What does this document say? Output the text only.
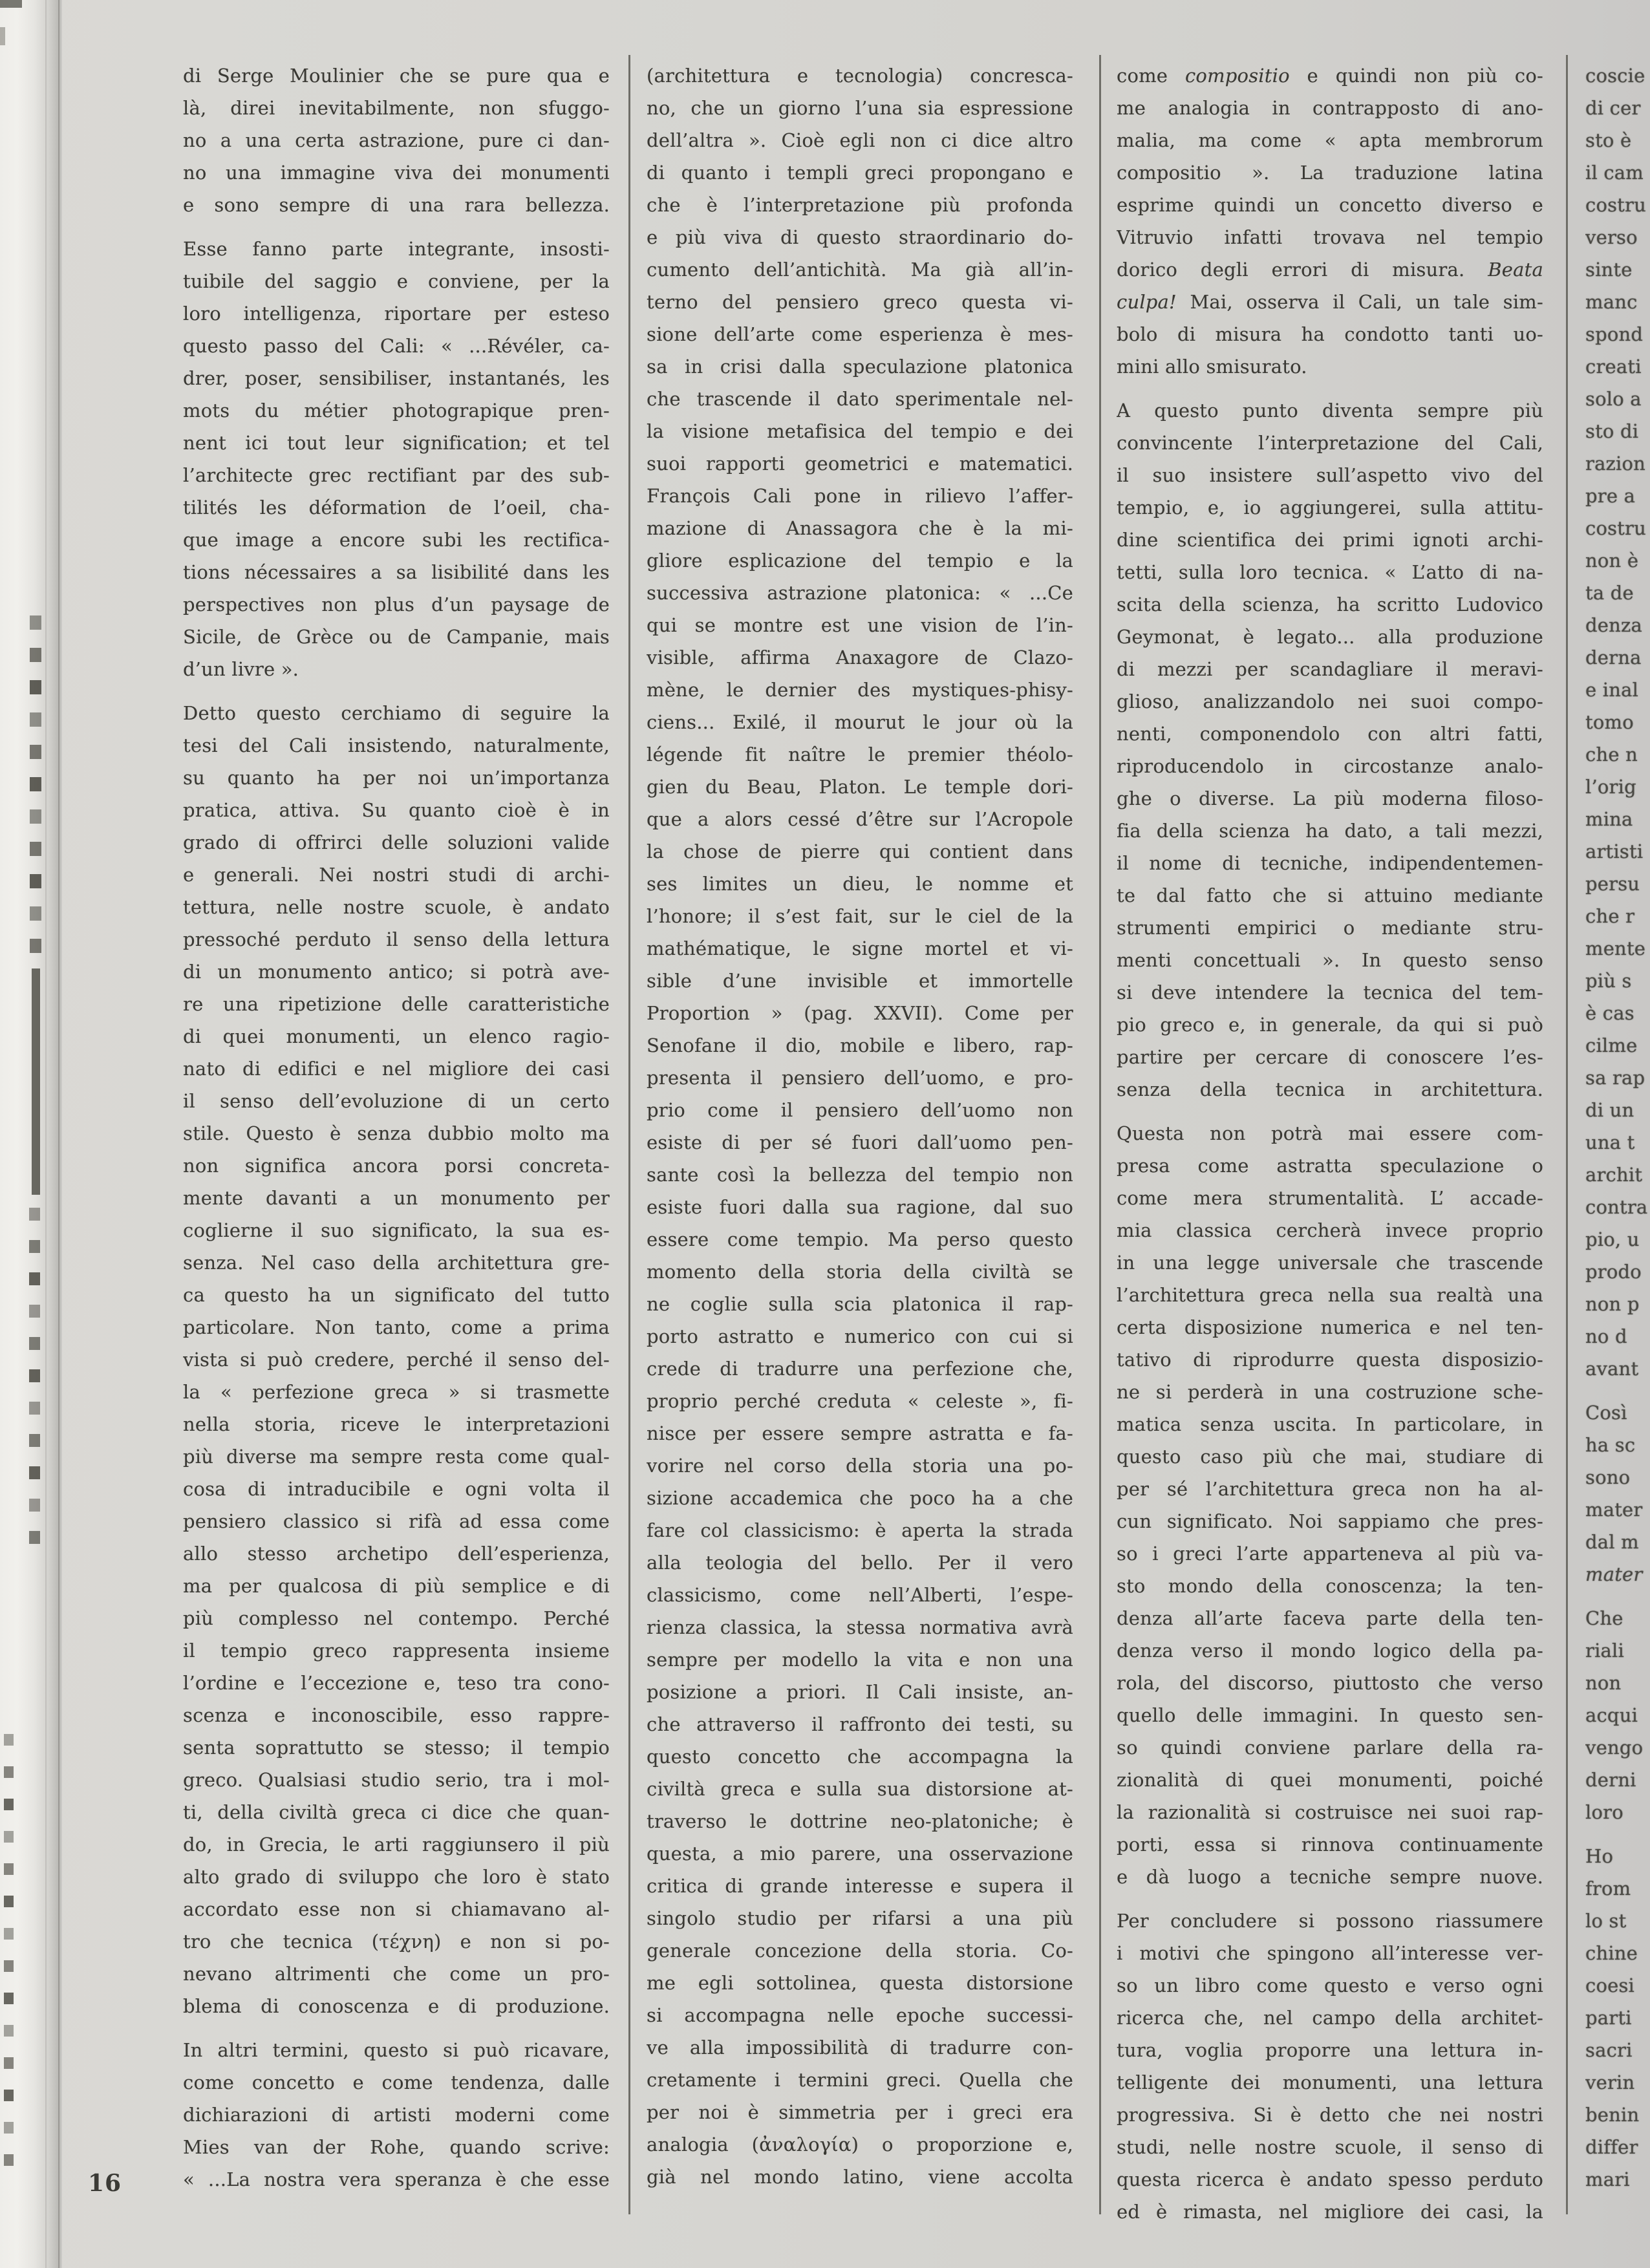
di Serge Moulinier che se pure qua e
là, direi inevitabilmente, non sfuggo-
no a una certa astrazione, pure ci dan-
no una immagine viva dei monumenti
e sono sempre di una rara bellezza.
Esse fanno parte integrante, insosti-
tuibile del saggio e conviene, per la
loro intelligenza, riportare per esteso
questo passo del Cali: « ...Révéler, ca-
drer, poser, sensibiliser, instantanés, les
mots du métier photograpique pren-
nent ici tout leur signification; et tel
l’architecte grec rectifiant par des sub-
tilités les déformation de l’oeil, cha-
que image a encore subi les rectifica-
tions nécessaires a sa lisibilité dans les
perspectives non plus d’un paysage de
Sicile, de Grèce ou de Campanie, mais
d’un livre ».
Detto questo cerchiamo di seguire la
tesi del Cali insistendo, naturalmente,
su quanto ha per noi un’importanza
pratica, attiva. Su quanto cioè è in
grado di offrirci delle soluzioni valide
e generali. Nei nostri studi di archi-
tettura, nelle nostre scuole, è andato
pressoché perduto il senso della lettura
di un monumento antico; si potrà ave-
re una ripetizione delle caratteristiche
di quei monumenti, un elenco ragio-
nato di edifici e nel migliore dei casi
il senso dell’evoluzione di un certo
stile. Questo è senza dubbio molto ma
non significa ancora porsi concreta-
mente davanti a un monumento per
coglierne il suo significato, la sua es-
senza. Nel caso della architettura gre-
ca questo ha un significato del tutto
particolare. Non tanto, come a prima
vista si può credere, perché il senso del-
la « perfezione greca » si trasmette
nella storia, riceve le interpretazioni
più diverse ma sempre resta come qual-
cosa di intraducibile e ogni volta il
pensiero classico si rifà ad essa come
allo stesso archetipo dell’esperienza,
ma per qualcosa di più semplice e di
più complesso nel contempo. Perché
il tempio greco rappresenta insieme
l’ordine e l’eccezione e, teso tra cono-
scenza e inconoscibile, esso rappre-
senta soprattutto se stesso; il tempio
greco. Qualsiasi studio serio, tra i mol-
ti, della civiltà greca ci dice che quan-
do, in Grecia, le arti raggiunsero il più
alto grado di sviluppo che loro è stato
accordato esse non si chiamavano al-
tro che tecnica (τέχνη) e non si po-
nevano altrimenti che come un pro-
blema di conoscenza e di produzione.
In altri termini, questo si può ricavare,
come concetto e come tendenza, dalle
dichiarazioni di artisti moderni come
Mies van der Rohe, quando scrive:
« ...La nostra vera speranza è che esse
(architettura e tecnologia) concresca-
no, che un giorno l’una sia espressione
dell’altra ». Cioè egli non ci dice altro
di quanto i templi greci propongano e
che è l’interpretazione più profonda
e più viva di questo straordinario do-
cumento dell’antichità. Ma già all’in-
terno del pensiero greco questa vi-
sione dell’arte come esperienza è mes-
sa in crisi dalla speculazione platonica
che trascende il dato sperimentale nel-
la visione metafisica del tempio e dei
suoi rapporti geometrici e matematici.
François Cali pone in rilievo l’affer-
mazione di Anassagora che è la mi-
gliore esplicazione del tempio e la
successiva astrazione platonica: « ...Ce
qui se montre est une vision de l’in-
visible, affirma Anaxagore de Clazo-
mène, le dernier des mystiques-phisy-
ciens... Exilé, il mourut le jour où la
légende fit naître le premier théolo-
gien du Beau, Platon. Le temple dori-
que a alors cessé d’être sur l’Acropole
la chose de pierre qui contient dans
ses limites un dieu, le nomme et
l’honore; il s’est fait, sur le ciel de la
mathématique, le signe mortel et vi-
sible d’une invisible et immortelle
Proportion » (pag. XXVII). Come per
Senofane il dio, mobile e libero, rap-
presenta il pensiero dell’uomo, e pro-
prio come il pensiero dell’uomo non
esiste di per sé fuori dall’uomo pen-
sante così la bellezza del tempio non
esiste fuori dalla sua ragione, dal suo
essere come tempio. Ma perso questo
momento della storia della civiltà se
ne coglie sulla scia platonica il rap-
porto astratto e numerico con cui si
crede di tradurre una perfezione che,
proprio perché creduta « celeste », fi-
nisce per essere sempre astratta e fa-
vorire nel corso della storia una po-
sizione accademica che poco ha a che
fare col classicismo: è aperta la strada
alla teologia del bello. Per il vero
classicismo, come nell’Alberti, l’espe-
rienza classica, la stessa normativa avrà
sempre per modello la vita e non una
posizione a priori. Il Cali insiste, an-
che attraverso il raffronto dei testi, su
questo concetto che accompagna la
civiltà greca e sulla sua distorsione at-
traverso le dottrine neo-platoniche; è
questa, a mio parere, una osservazione
critica di grande interesse e supera il
singolo studio per rifarsi a una più
generale concezione della storia. Co-
me egli sottolinea, questa distorsione
si accompagna nelle epoche successi-
ve alla impossibilità di tradurre con-
cretamente i termini greci. Quella che
per noi è simmetria per i greci era
analogia (ἀναλογία) o proporzione e,
già nel mondo latino, viene accolta
come compositio e quindi non più co-
me analogia in contrapposto di ano-
malia, ma come « apta membrorum
compositio ». La traduzione latina
esprime quindi un concetto diverso e
Vitruvio infatti trovava nel tempio
dorico degli errori di misura. Beata
culpa! Mai, osserva il Cali, un tale sim-
bolo di misura ha condotto tanti uo-
mini allo smisurato.
A questo punto diventa sempre più
convincente l’interpretazione del Cali,
il suo insistere sull’aspetto vivo del
tempio, e, io aggiungerei, sulla attitu-
dine scientifica dei primi ignoti archi-
tetti, sulla loro tecnica. « L’atto di na-
scita della scienza, ha scritto Ludovico
Geymonat, è legato... alla produzione
di mezzi per scandagliare il meravi-
glioso, analizzandolo nei suoi compo-
nenti, componendolo con altri fatti,
riproducendolo in circostanze analo-
ghe o diverse. La più moderna filoso-
fia della scienza ha dato, a tali mezzi,
il nome di tecniche, indipendentemen-
te dal fatto che si attuino mediante
strumenti empirici o mediante stru-
menti concettuali ». In questo senso
si deve intendere la tecnica del tem-
pio greco e, in generale, da qui si può
partire per cercare di conoscere l’es-
senza della tecnica in architettura.
Questa non potrà mai essere com-
presa come astratta speculazione o
come mera strumentalità. L’ accade-
mia classica cercherà invece proprio
in una legge universale che trascende
l’architettura greca nella sua realtà una
certa disposizione numerica e nel ten-
tativo di riprodurre questa disposizio-
ne si perderà in una costruzione sche-
matica senza uscita. In particolare, in
questo caso più che mai, studiare di
per sé l’architettura greca non ha al-
cun significato. Noi sappiamo che pres-
so i greci l’arte apparteneva al più va-
sto mondo della conoscenza; la ten-
denza all’arte faceva parte della ten-
denza verso il mondo logico della pa-
rola, del discorso, piuttosto che verso
quello delle immagini. In questo sen-
so quindi conviene parlare della ra-
zionalità di quei monumenti, poiché
la razionalità si costruisce nei suoi rap-
porti, essa si rinnova continuamente
e dà luogo a tecniche sempre nuove.
Per concludere si possono riassumere
i motivi che spingono all’interesse ver-
so un libro come questo e verso ogni
ricerca che, nel campo della architet-
tura, voglia proporre una lettura in-
telligente dei monumenti, una lettura
progressiva. Si è detto che nei nostri
studi, nelle nostre scuole, il senso di
questa ricerca è andato spesso perduto
ed è rimasta, nel migliore dei casi, la
coscie
di cer
sto è
il cam
costru
verso
sinte
manc
spond
creati
solo a
sto di
razion
pre a
costru
non è
ta de
denza
derna
e inal
tomo
che n
l’orig
mina
artisti
persu
che r
mente
più s
è cas
cilme
sa rap
di un
una t
archit
contra
pio, u
prodo
non p
no d
avant
Così
ha sc
sono
mater
dal m
mater
Che
riali
non
acqui
vengo
derni
loro
Ho
from
lo st
chine
coesi
parti
sacri
verin
benin
differ
mari
16
